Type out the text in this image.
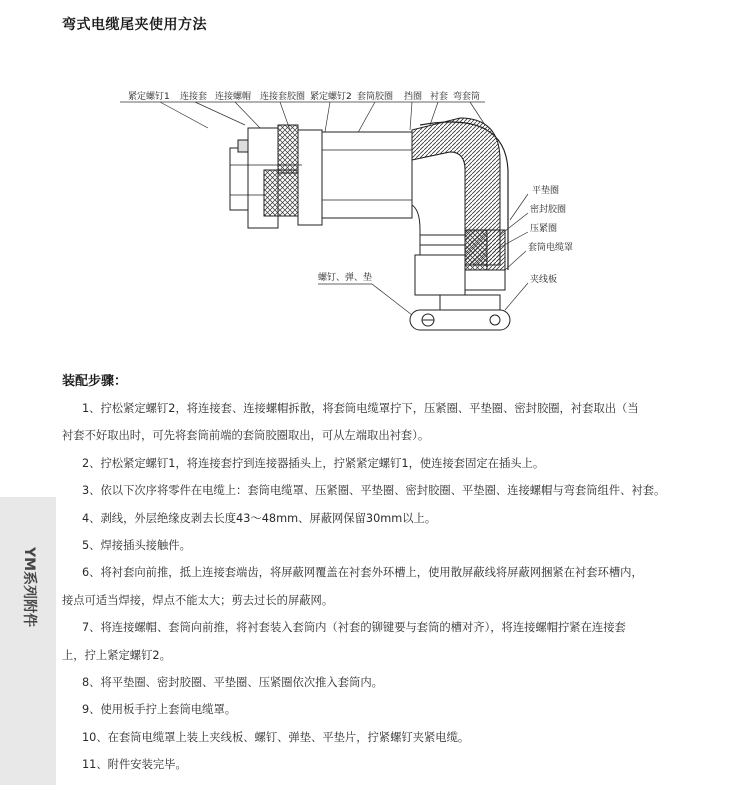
弯式电缆尾夹使用方法
紧定螺钉1 连接套 连接螺帽 连接套胶圈 紧定螺钉2 套筒胶圈 挡圈 衬套 弯套筒
平垫圈
密封胶圈
压紧圈
套筒电缆罩
夹线板
螺钉、弹、垫
装配步骤：

1、拧松紧定螺钉2，将连接套、连接螺帽拆散，将套筒电缆罩拧下，压紧圈、平垫圈、密封胶圈，衬套取出（当

衬套不好取出时，可先将套筒前端的套筒胶圈取出，可从左端取出衬套）。

2、拧松紧定螺钉1，将连接套拧到连接器插头上，拧紧紧定螺钉1，使连接套固定在插头上。

3、依以下次序将零件在电缆上：套筒电缆罩、压紧圈、平垫圈、密封胶圈、平垫圈、连接螺帽与弯套筒组件、衬套。

4、剥线，外层绝缘皮剥去长度43～48mm、屏蔽网保留30mm以上。

5、焊接插头接触件。

6、将衬套向前推，抵上连接套端齿，将屏蔽网覆盖在衬套外环槽上，使用散屏蔽线将屏蔽网捆紧在衬套环槽内，

接点可适当焊接，焊点不能太大；剪去过长的屏蔽网。

7、将连接螺帽、套筒向前推，将衬套装入套筒内（衬套的铆键要与套筒的槽对齐），将连接螺帽拧紧在连接套

上，拧上紧定螺钉2。

8、将平垫圈、密封胶圈、平垫圈、压紧圈依次推入套筒内。

9、使用板手拧上套筒电缆罩。

10、在套筒电缆罩上装上夹线板、螺钉、弹垫、平垫片，拧紧螺钉夹紧电缆。

11、附件安装完毕。

YM系列附件
